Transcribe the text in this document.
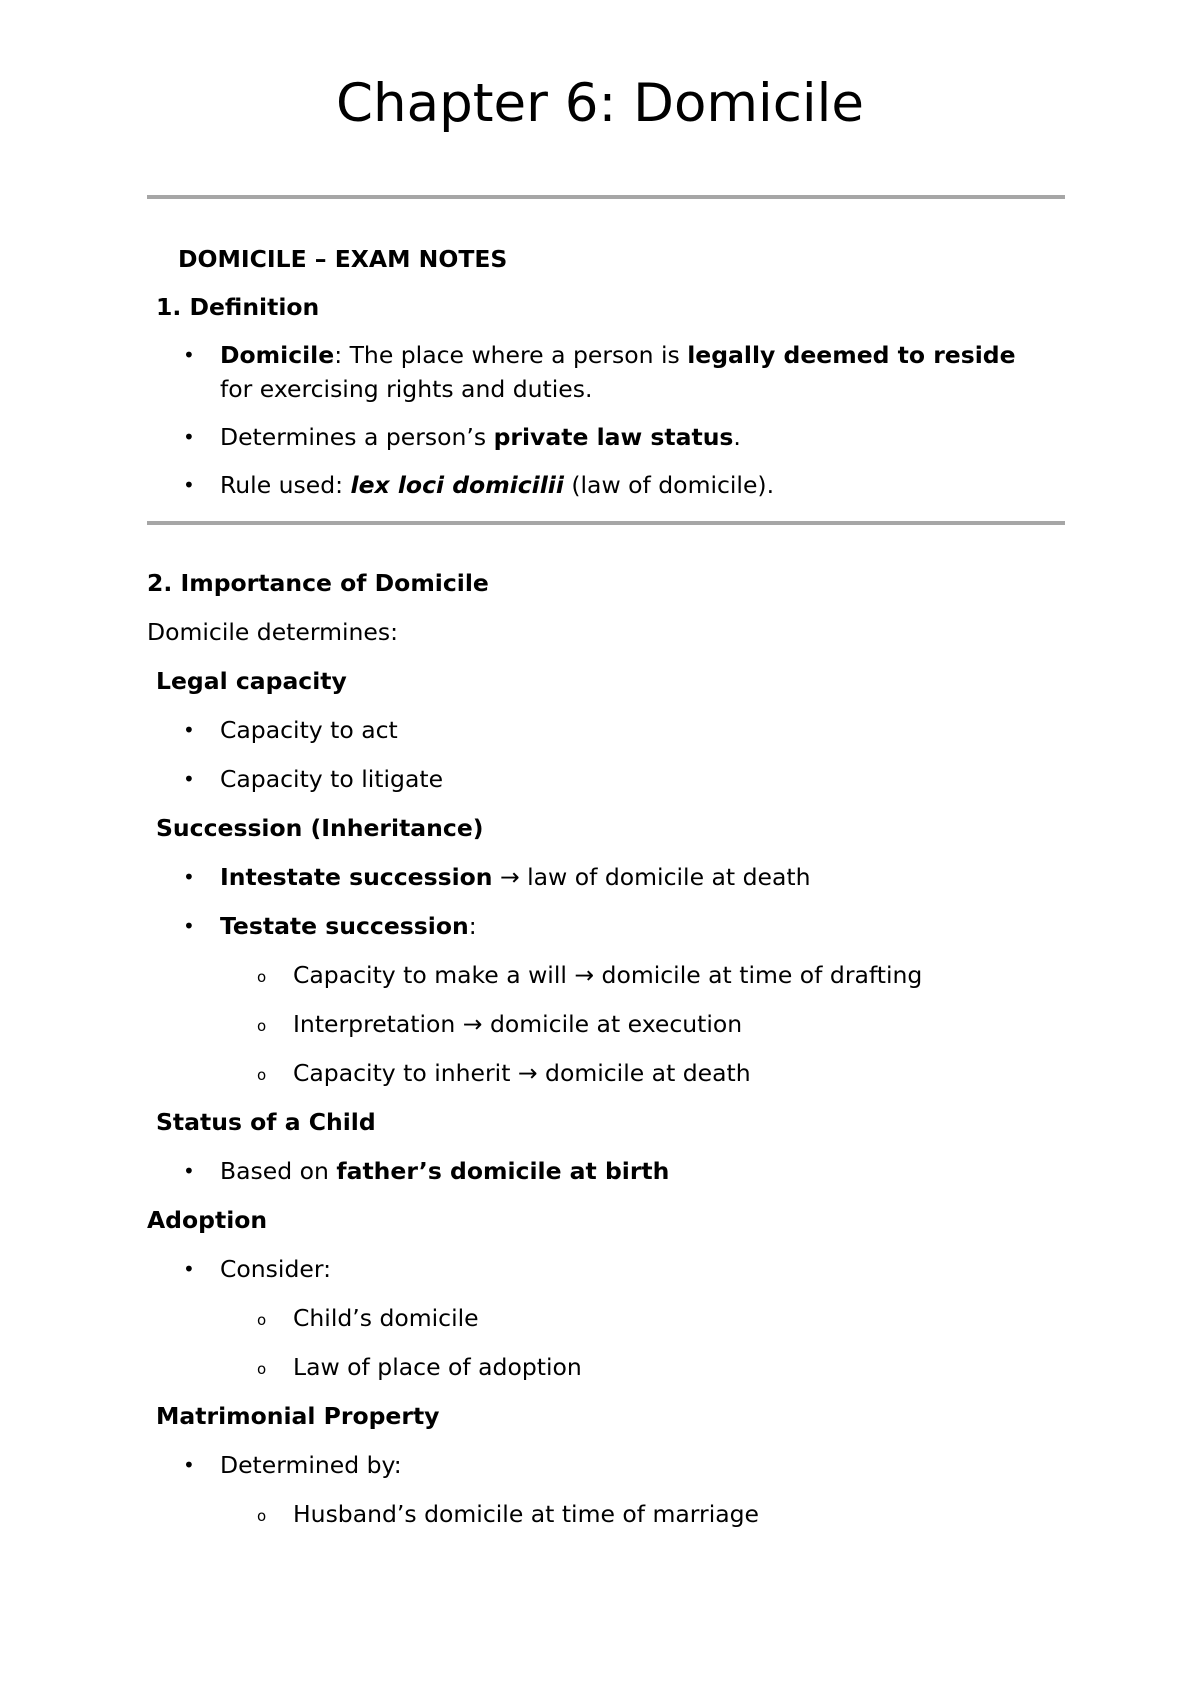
Chapter 6: Domicile
DOMICILE – EXAM NOTES
1. Definition
• Domicile: The place where a person is legally deemed to reside
for exercising rights and duties.
• Determines a person’s private law status.
• Rule used: lex loci domicilii (law of domicile).
2. Importance of Domicile
Domicile determines:
Legal capacity
• Capacity to act
• Capacity to litigate
Succession (Inheritance)
• Intestate succession → law of domicile at death
• Testate succession:
o Capacity to make a will → domicile at time of drafting
o Interpretation → domicile at execution
o Capacity to inherit → domicile at death
Status of a Child
• Based on father’s domicile at birth
Adoption
• Consider:
o Child’s domicile
o Law of place of adoption
Matrimonial Property
• Determined by:
o Husband’s domicile at time of marriage
